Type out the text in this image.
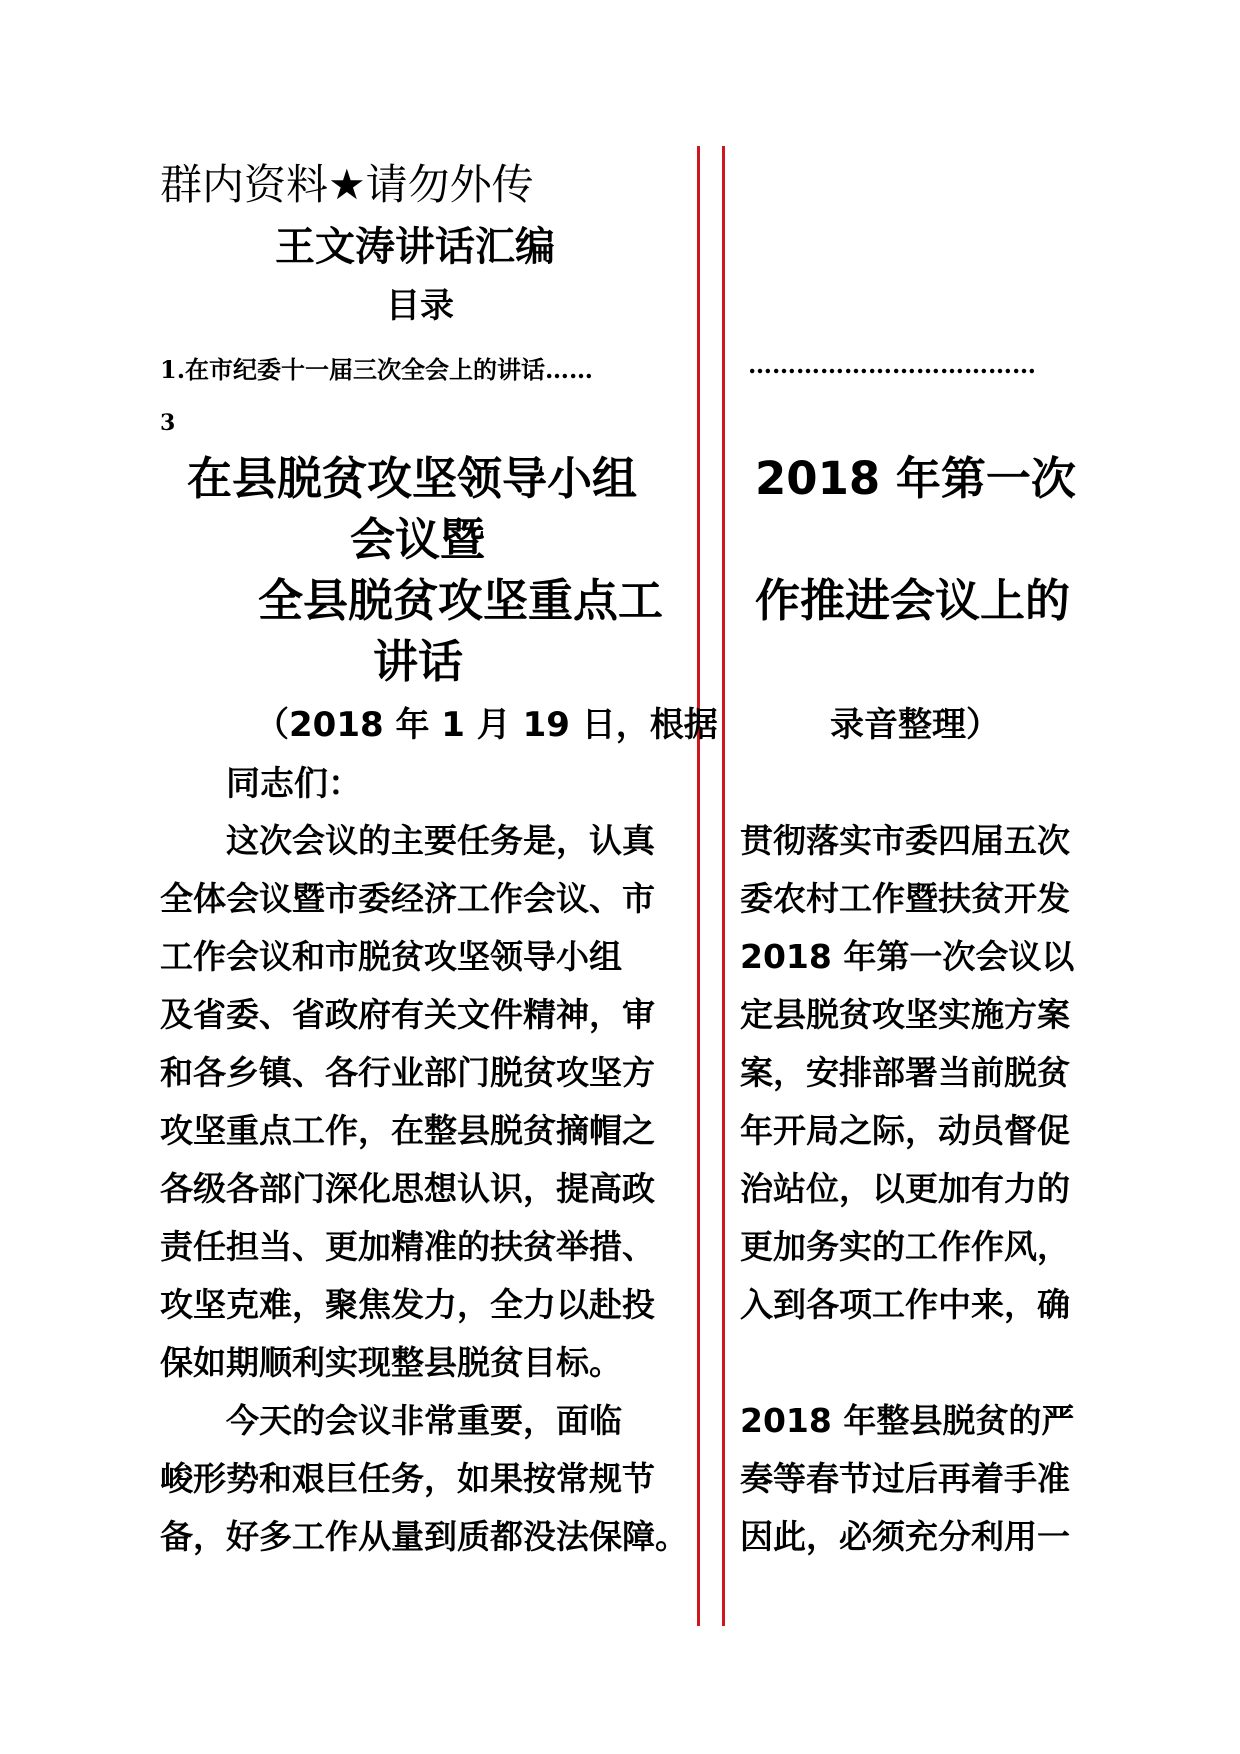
群内资料★请勿外传
王文涛讲话汇编
目录
1.在市纪委十一届三次全会上的讲话……	………………………………
3
在县脱贫攻坚领导小组
会议暨
全县脱贫攻坚重点工
讲话
2018 年第一次
作推进会议上的
（2018 年 1 月 19 日，根据	录音整理）
同志们：
这次会议的主要任务是，认真
全体会议暨市委经济工作会议、市
工作会议和市脱贫攻坚领导小组
及省委、省政府有关文件精神，审
和各乡镇、各行业部门脱贫攻坚方
攻坚重点工作，在整县脱贫摘帽之
各级各部门深化思想认识，提高政
责任担当、更加精准的扶贫举措、
攻坚克难，聚焦发力，全力以赴投
保如期顺利实现整县脱贫目标。
今天的会议非常重要，面临
峻形势和艰巨任务，如果按常规节
备，好多工作从量到质都没法保障。
贯彻落实市委四届五次
委农村工作暨扶贫开发
2018 年第一次会议以
定县脱贫攻坚实施方案
案，安排部署当前脱贫
年开局之际，动员督促
治站位，以更加有力的
更加务实的工作作风，
入到各项工作中来，确
2018 年整县脱贫的严
奏等春节过后再着手准
因此，必须充分利用一
